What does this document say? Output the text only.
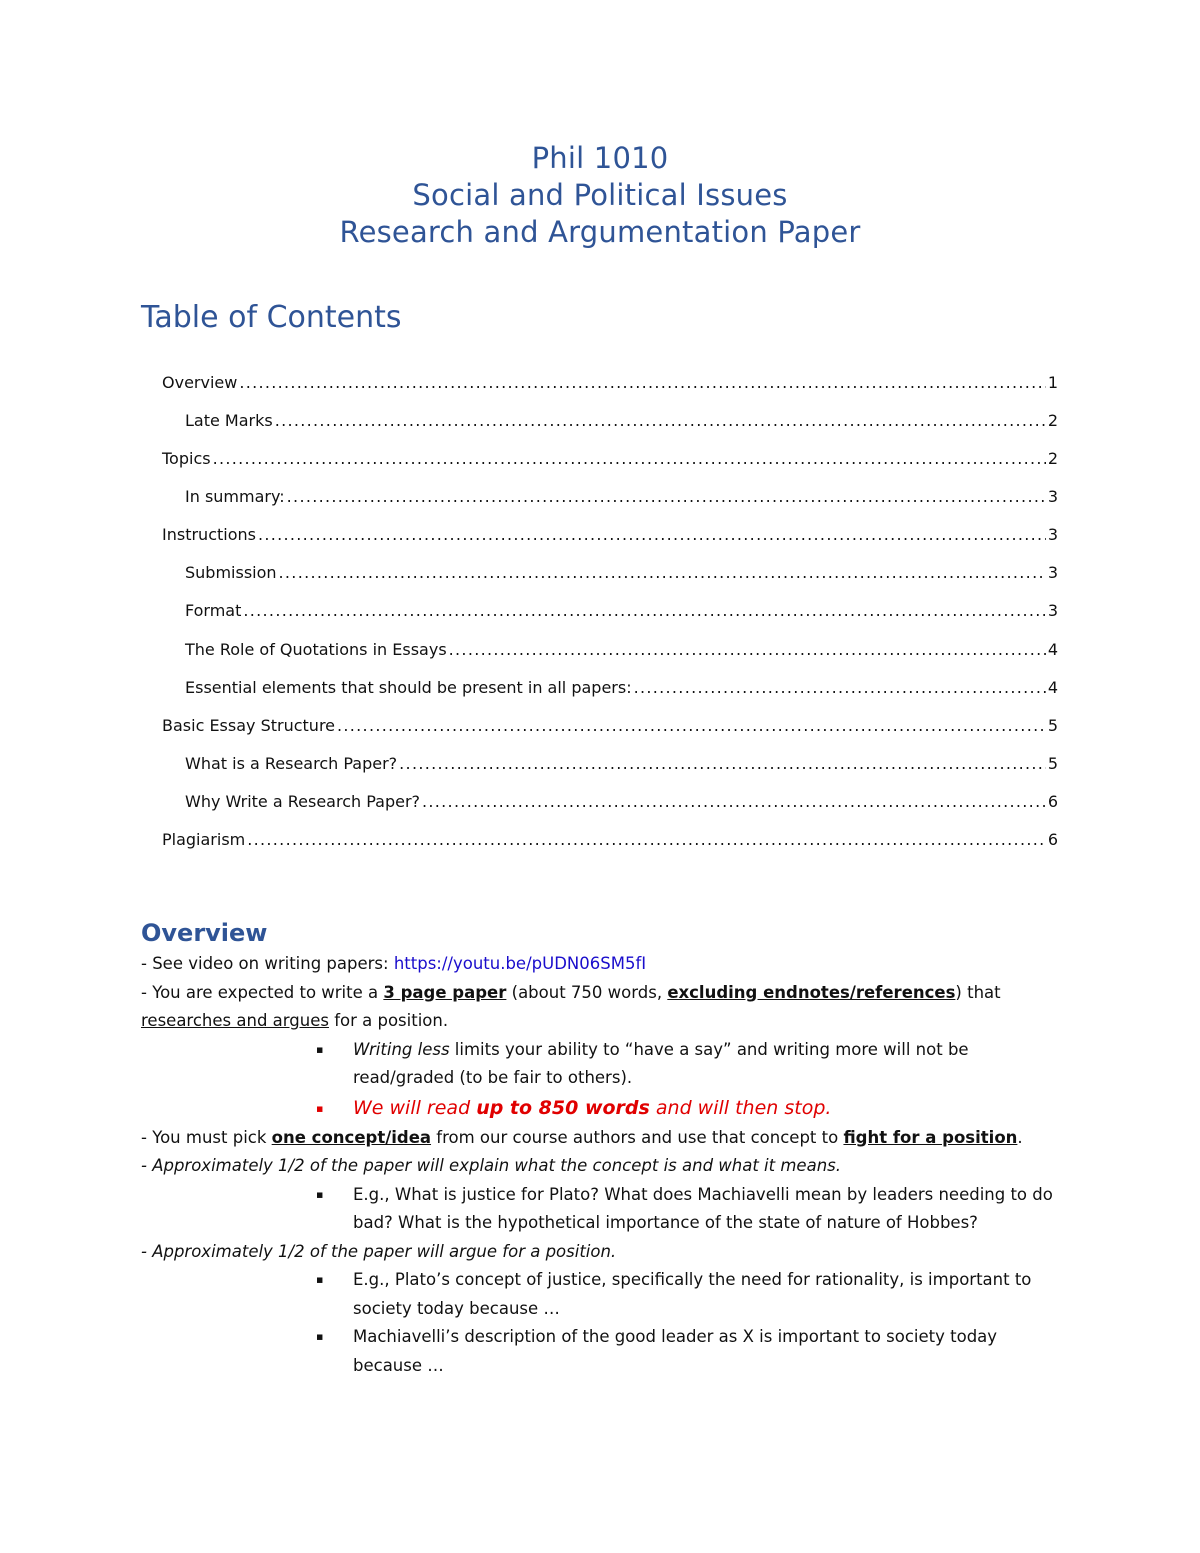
Phil 1010
Social and Political Issues
Research and Argumentation Paper
Table of Contents
Overview .....	1
Late Marks .....	2
Topics .....	2
In summary: .....	3
Instructions .....	3
Submission .....	3
Format .....	3
The Role of Quotations in Essays .....	4
Essential elements that should be present in all papers: .....	4
Basic Essay Structure .....	5
What is a Research Paper? .....	5
Why Write a Research Paper? .....	6
Plagiarism .....	6
Overview

- See video on writing papers: https://youtu.be/pUDN06SM5fI

- You are expected to write a 3 page paper (about 750 words, excluding endnotes/references) that researches and argues for a position.

▪ Writing less limits your ability to “have a say” and writing more will not be read/graded (to be fair to others).

▪ We will read up to 850 words and will then stop.

- You must pick one concept/idea from our course authors and use that concept to fight for a position.

- Approximately 1/2 of the paper will explain what the concept is and what it means.

▪ E.g., What is justice for Plato? What does Machiavelli mean by leaders needing to do bad? What is the hypothetical importance of the state of nature of Hobbes?

- Approximately 1/2 of the paper will argue for a position.

▪ E.g., Plato’s concept of justice, specifically the need for rationality, is important to society today because …

▪ Machiavelli’s description of the good leader as X is important to society today because …
